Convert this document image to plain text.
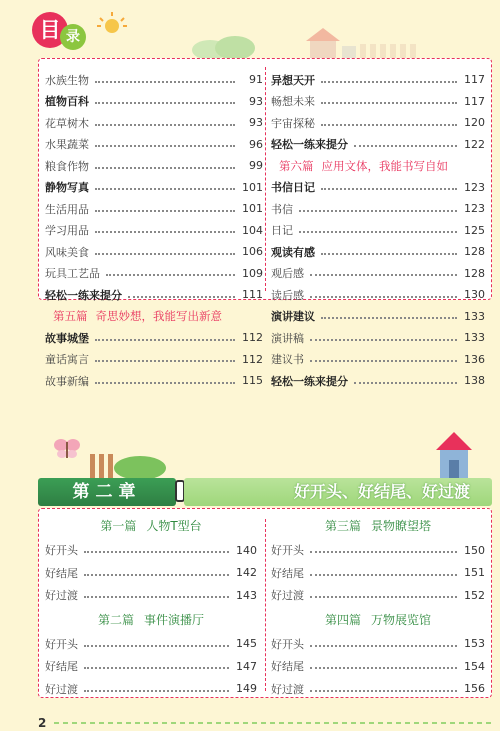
目 录
水族生物	91
植物百科	93
花草树木	93
水果蔬菜	96
粮食作物	99
静物写真	101
生活用品	101
学习用品	104
风味美食	106
玩具工艺品	109
轻松一练来提分	111
第五篇 奇思妙想，我能写出新意
故事城堡	112
童话寓言	112
故事新编	115
异想天开	117
畅想未来	117
宇宙探秘	120
轻松一练来提分	122
第六篇 应用文体，我能书写自如
书信日记	123
书信	123
日记	125
观读有感	128
观后感	128
读后感	130
演讲建议	133
演讲稿	133
建议书	136
轻松一练来提分	138
第二章	好开头、好结尾、好过渡
第一篇 人物T型台
好开头	140
好结尾	142
好过渡	143
第二篇 事件演播厅
好开头	145
好结尾	147
好过渡	149
第三篇 景物瞭望塔
好开头	150
好结尾	151
好过渡	152
第四篇 万物展览馆
好开头	153
好结尾	154
好过渡	156
2
